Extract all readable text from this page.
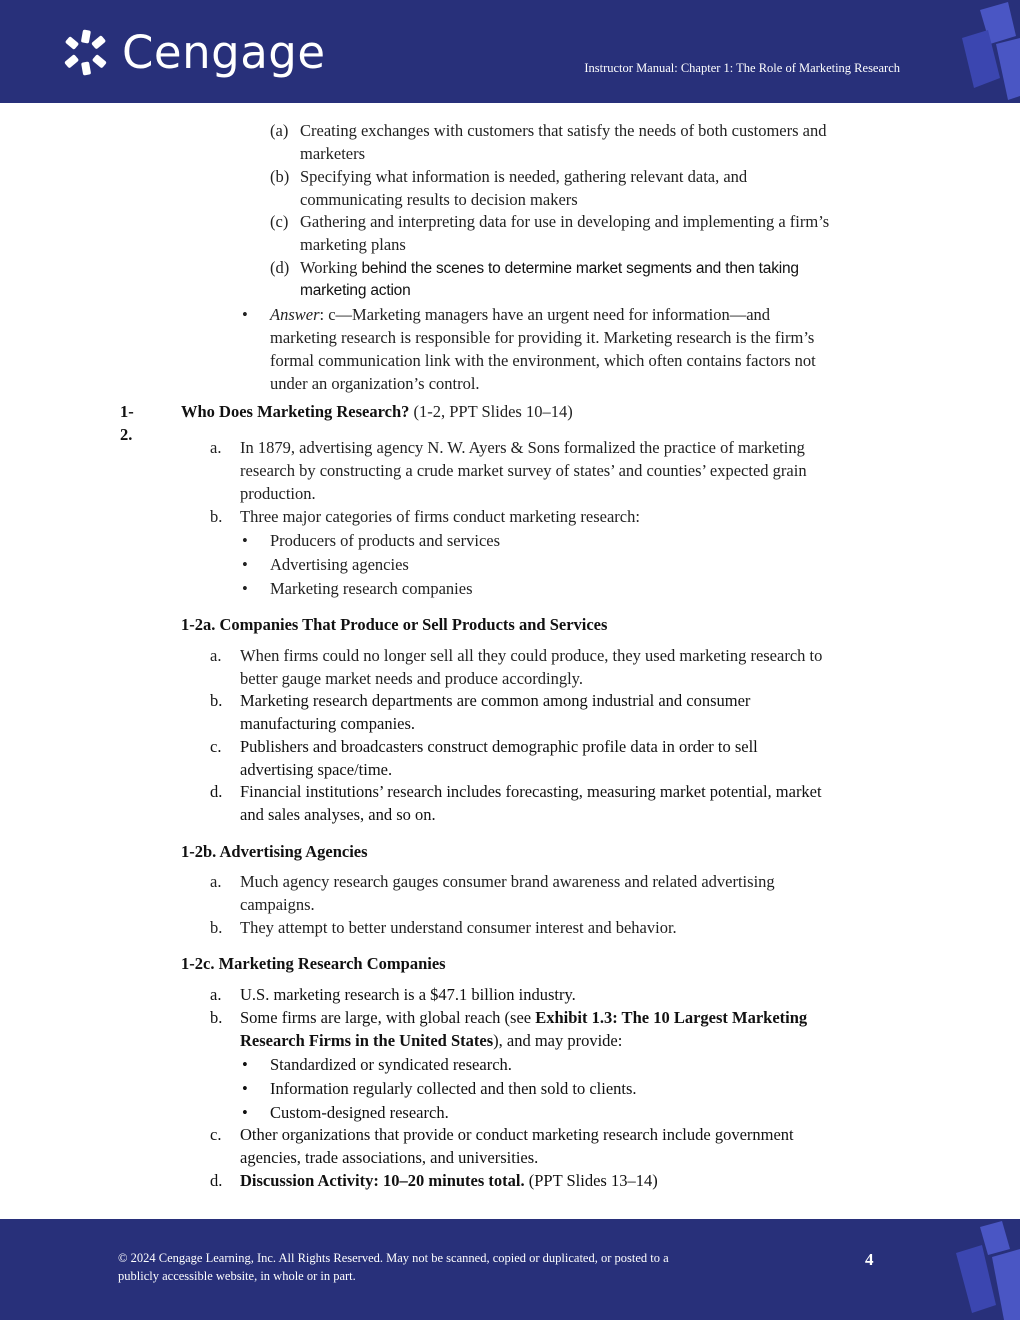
Cengage	Instructor Manual: Chapter 1: The Role of Marketing Research
(a) Creating exchanges with customers that satisfy the needs of both customers and
marketers
(b) Specifying what information is needed, gathering relevant data, and
communicating results to decision makers
(c) Gathering and interpreting data for use in developing and implementing a firm’s
marketing plans
(d) Working behind the scenes to determine market segments and then taking
marketing action
• Answer: c—Marketing managers have an urgent need for information—and
marketing research is responsible for providing it. Marketing research is the firm’s
formal communication link with the environment, which often contains factors not
under an organization’s control.
1-2.
Who Does Marketing Research? (1-2, PPT Slides 10–14)
a. In 1879, advertising agency N. W. Ayers & Sons formalized the practice of marketing
research by constructing a crude market survey of states’ and counties’ expected grain
production.
b. Three major categories of firms conduct marketing research:
• Producers of products and services
• Advertising agencies
• Marketing research companies
1-2a. Companies That Produce or Sell Products and Services
a. When firms could no longer sell all they could produce, they used marketing research to
better gauge market needs and produce accordingly.
b. Marketing research departments are common among industrial and consumer
manufacturing companies.
c. Publishers and broadcasters construct demographic profile data in order to sell
advertising space/time.
d. Financial institutions’ research includes forecasting, measuring market potential, market
and sales analyses, and so on.
1-2b. Advertising Agencies
a. Much agency research gauges consumer brand awareness and related advertising
campaigns.
b. They attempt to better understand consumer interest and behavior.
1-2c. Marketing Research Companies
a. U.S. marketing research is a $47.1 billion industry.
b. Some firms are large, with global reach (see Exhibit 1.3: The 10 Largest Marketing
Research Firms in the United States), and may provide:
• Standardized or syndicated research.
• Information regularly collected and then sold to clients.
• Custom-designed research.
c. Other organizations that provide or conduct marketing research include government
agencies, trade associations, and universities.
d. Discussion Activity: 10–20 minutes total. (PPT Slides 13–14)
© 2024 Cengage Learning, Inc. All Rights Reserved. May not be scanned, copied or duplicated, or posted to a
publicly accessible website, in whole or in part.
4
